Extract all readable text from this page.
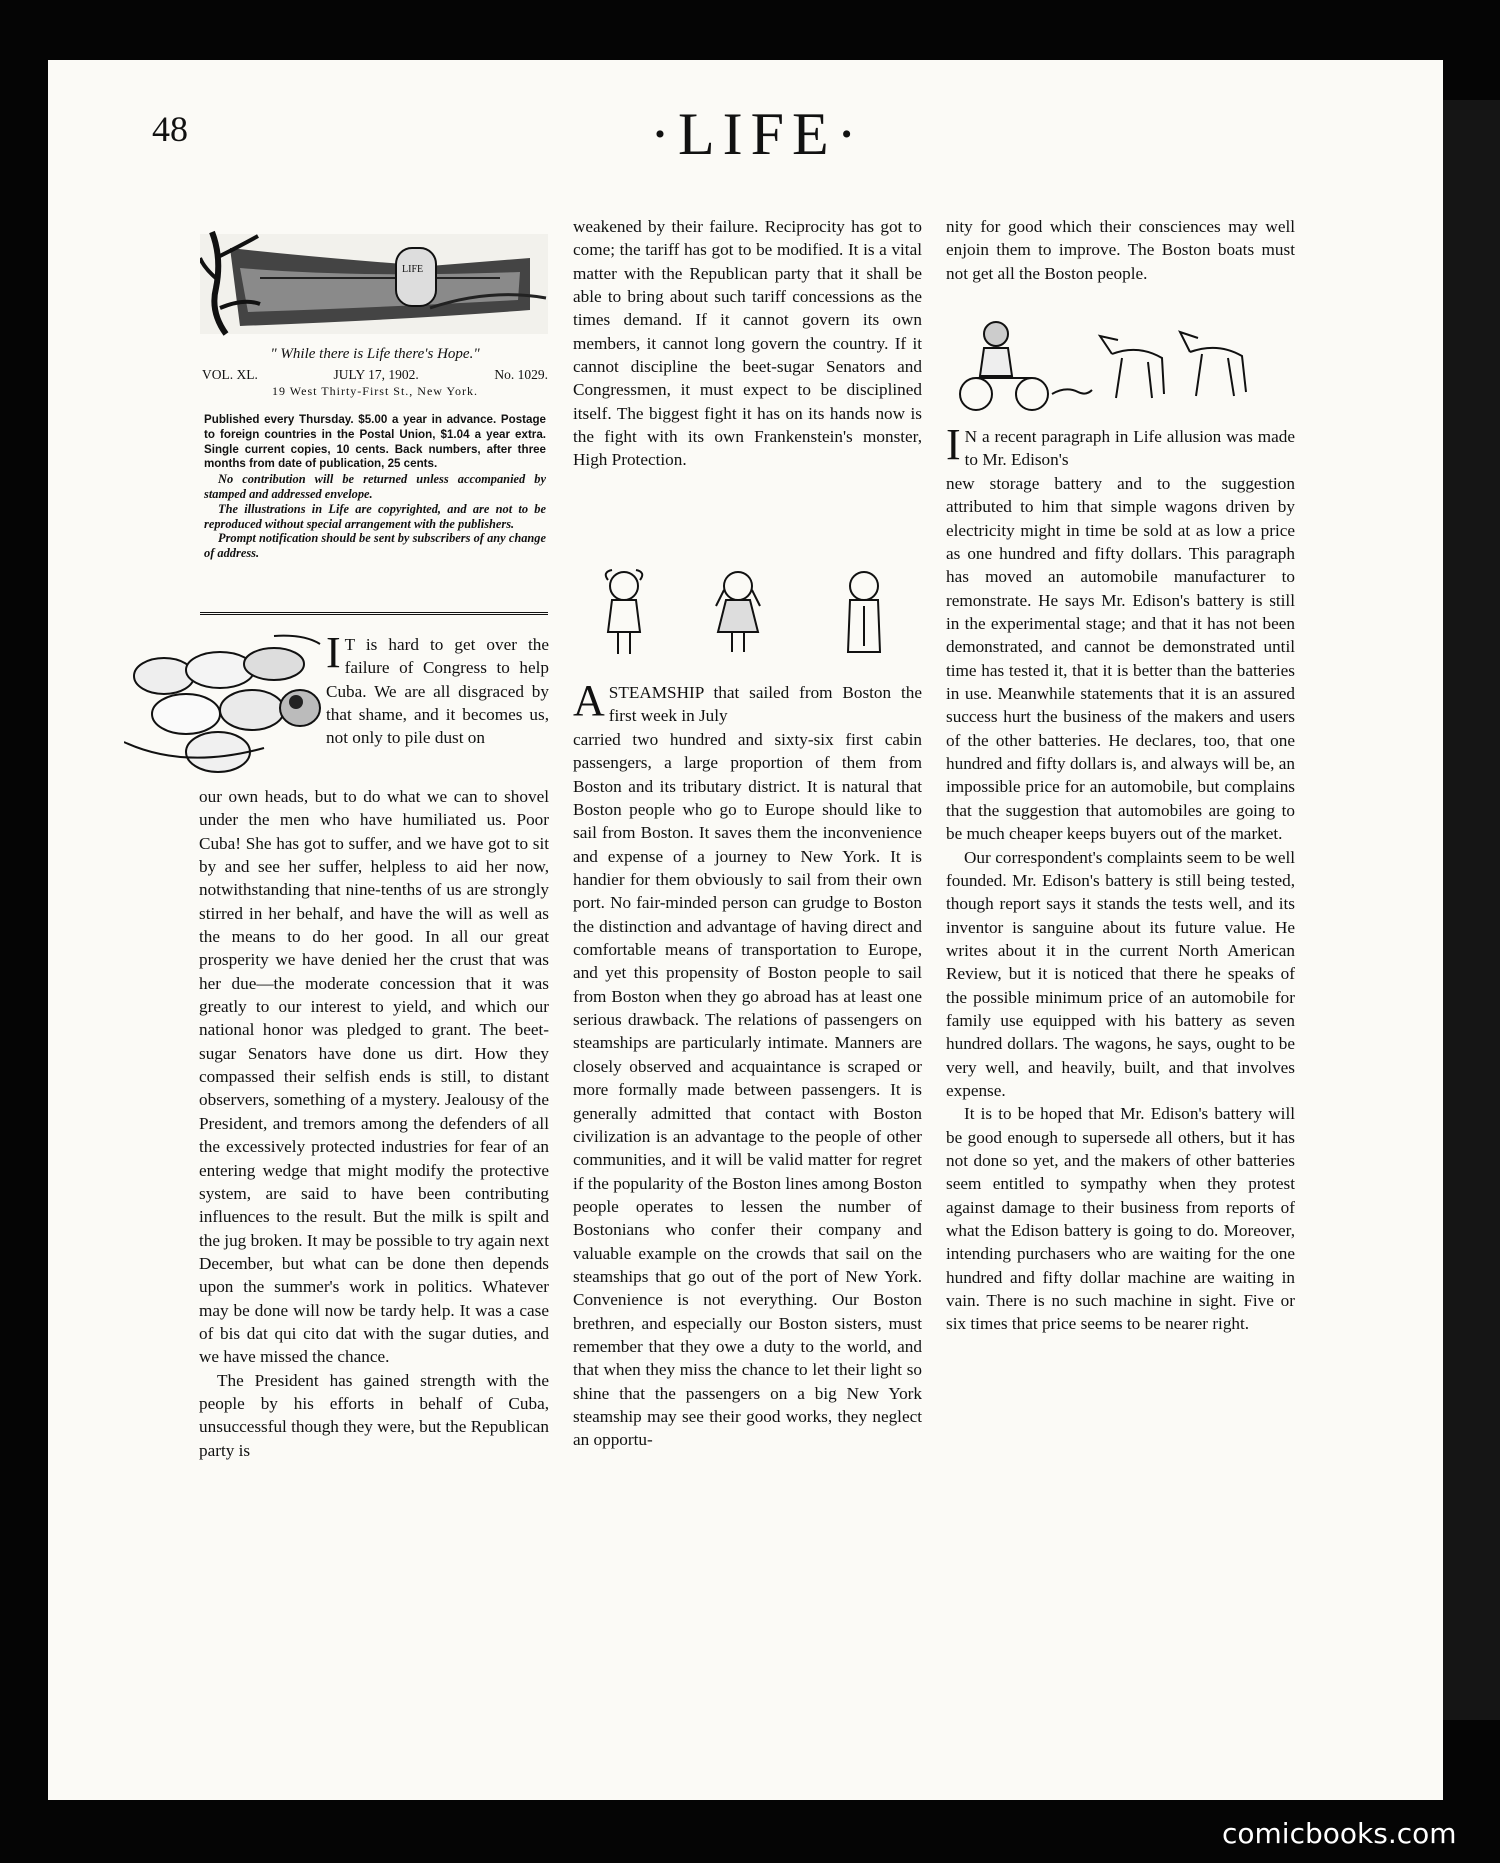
48	·LIFE·
LIFE
" While there is Life there's Hope."
VOL. XL.	JULY 17, 1902.	No. 1029.
19 West Thirty-First St., New York.

Published every Thursday. $5.00 a year in advance. Postage to foreign countries in the Postal Union, $1.04 a year extra. Single current copies, 10 cents. Back numbers, after three months from date of publication, 25 cents.

No contribution will be returned unless accompanied by stamped and addressed envelope.

The illustrations in Life are copyrighted, and are not to be reproduced without special arrangement with the publishers.

Prompt notification should be sent by subscribers of any change of address.

I T is hard to get over the failure of Congress to help Cuba. We are all disgraced by that shame, and it becomes us, not only to pile dust on

our own heads, but to do what we can to shovel under the men who have humiliated us. Poor Cuba! She has got to suffer, and we have got to sit by and see her suffer, helpless to aid her now, notwithstanding that nine-tenths of us are strongly stirred in her behalf, and have the will as well as the means to do her good. In all our great prosperity we have denied her the crust that was her due—the moderate concession that it was greatly to our interest to yield, and which our national honor was pledged to grant. The beet-sugar Senators have done us dirt. How they compassed their selfish ends is still, to distant observers, something of a mystery. Jealousy of the President, and tremors among the defenders of all the excessively protected industries for fear of an entering wedge that might modify the protective system, are said to have been contributing influences to the result. But the milk is spilt and the jug broken. It may be possible to try again next December, but what can be done then depends upon the summer's work in politics. Whatever may be done will now be tardy help. It was a case of bis dat qui cito dat with the sugar duties, and we have missed the chance.

The President has gained strength with the people by his efforts in behalf of Cuba, unsuccessful though they were, but the Republican party is

weakened by their failure. Reciprocity has got to come; the tariff has got to be modified. It is a vital matter with the Republican party that it shall be able to bring about such tariff concessions as the times demand. If it cannot govern its own members, it cannot long govern the country. If it cannot discipline the beet-sugar Senators and Congressmen, it must expect to be disciplined itself. The biggest fight it has on its hands now is the fight with its own Frankenstein's monster, High Protection.

ASTEAMSHIP that sailed from Boston the first week in July

carried two hundred and sixty-six first cabin passengers, a large proportion of them from Boston and its tributary district. It is natural that Boston people who go to Europe should like to sail from Boston. It saves them the inconvenience and expense of a journey to New York. It is handier for them obviously to sail from their own port. No fair-minded person can grudge to Boston the distinction and advantage of having direct and comfortable means of transportation to Europe, and yet this propensity of Boston people to sail from Boston when they go abroad has at least one serious drawback. The relations of passengers on steamships are particularly intimate. Manners are closely observed and acquaintance is scraped or more formally made between passengers. It is generally admitted that contact with Boston civilization is an advantage to the people of other communities, and it will be valid matter for regret if the popularity of the Boston lines among Boston people operates to lessen the number of Bostonians who confer their company and valuable example on the crowds that sail on the steamships that go out of the port of New York. Convenience is not everything. Our Boston brethren, and especially our Boston sisters, must remember that they owe a duty to the world, and that when they miss the chance to let their light so shine that the passengers on a big New York steamship may see their good works, they neglect an opportu-

nity for good which their consciences may well enjoin them to improve. The Boston boats must not get all the Boston people.

I N a recent paragraph in Life allusion was made to Mr. Edison's

new storage battery and to the suggestion attributed to him that simple wagons driven by electricity might in time be sold at as low a price as one hundred and fifty dollars. This paragraph has moved an automobile manufacturer to remonstrate. He says Mr. Edison's battery is still in the experimental stage; and that it has not been demonstrated, and cannot be demonstrated until time has tested it, that it is better than the batteries in use. Meanwhile statements that it is an assured success hurt the business of the makers and users of the other batteries. He declares, too, that one hundred and fifty dollars is, and always will be, an impossible price for an automobile, but complains that the suggestion that automobiles are going to be much cheaper keeps buyers out of the market.

Our correspondent's complaints seem to be well founded. Mr. Edison's battery is still being tested, though report says it stands the tests well, and its inventor is sanguine about its future value. He writes about it in the current North American Review, but it is noticed that there he speaks of the possible minimum price of an automobile for family use equipped with his battery as seven hundred dollars. The wagons, he says, ought to be very well, and heavily, built, and that involves expense.

It is to be hoped that Mr. Edison's battery will be good enough to supersede all others, but it has not done so yet, and the makers of other batteries seem entitled to sympathy when they protest against damage to their business from reports of what the Edison battery is going to do. Moreover, intending purchasers who are waiting for the one hundred and fifty dollar machine are waiting in vain. There is no such machine in sight. Five or six times that price seems to be nearer right.

comicbooks.com
